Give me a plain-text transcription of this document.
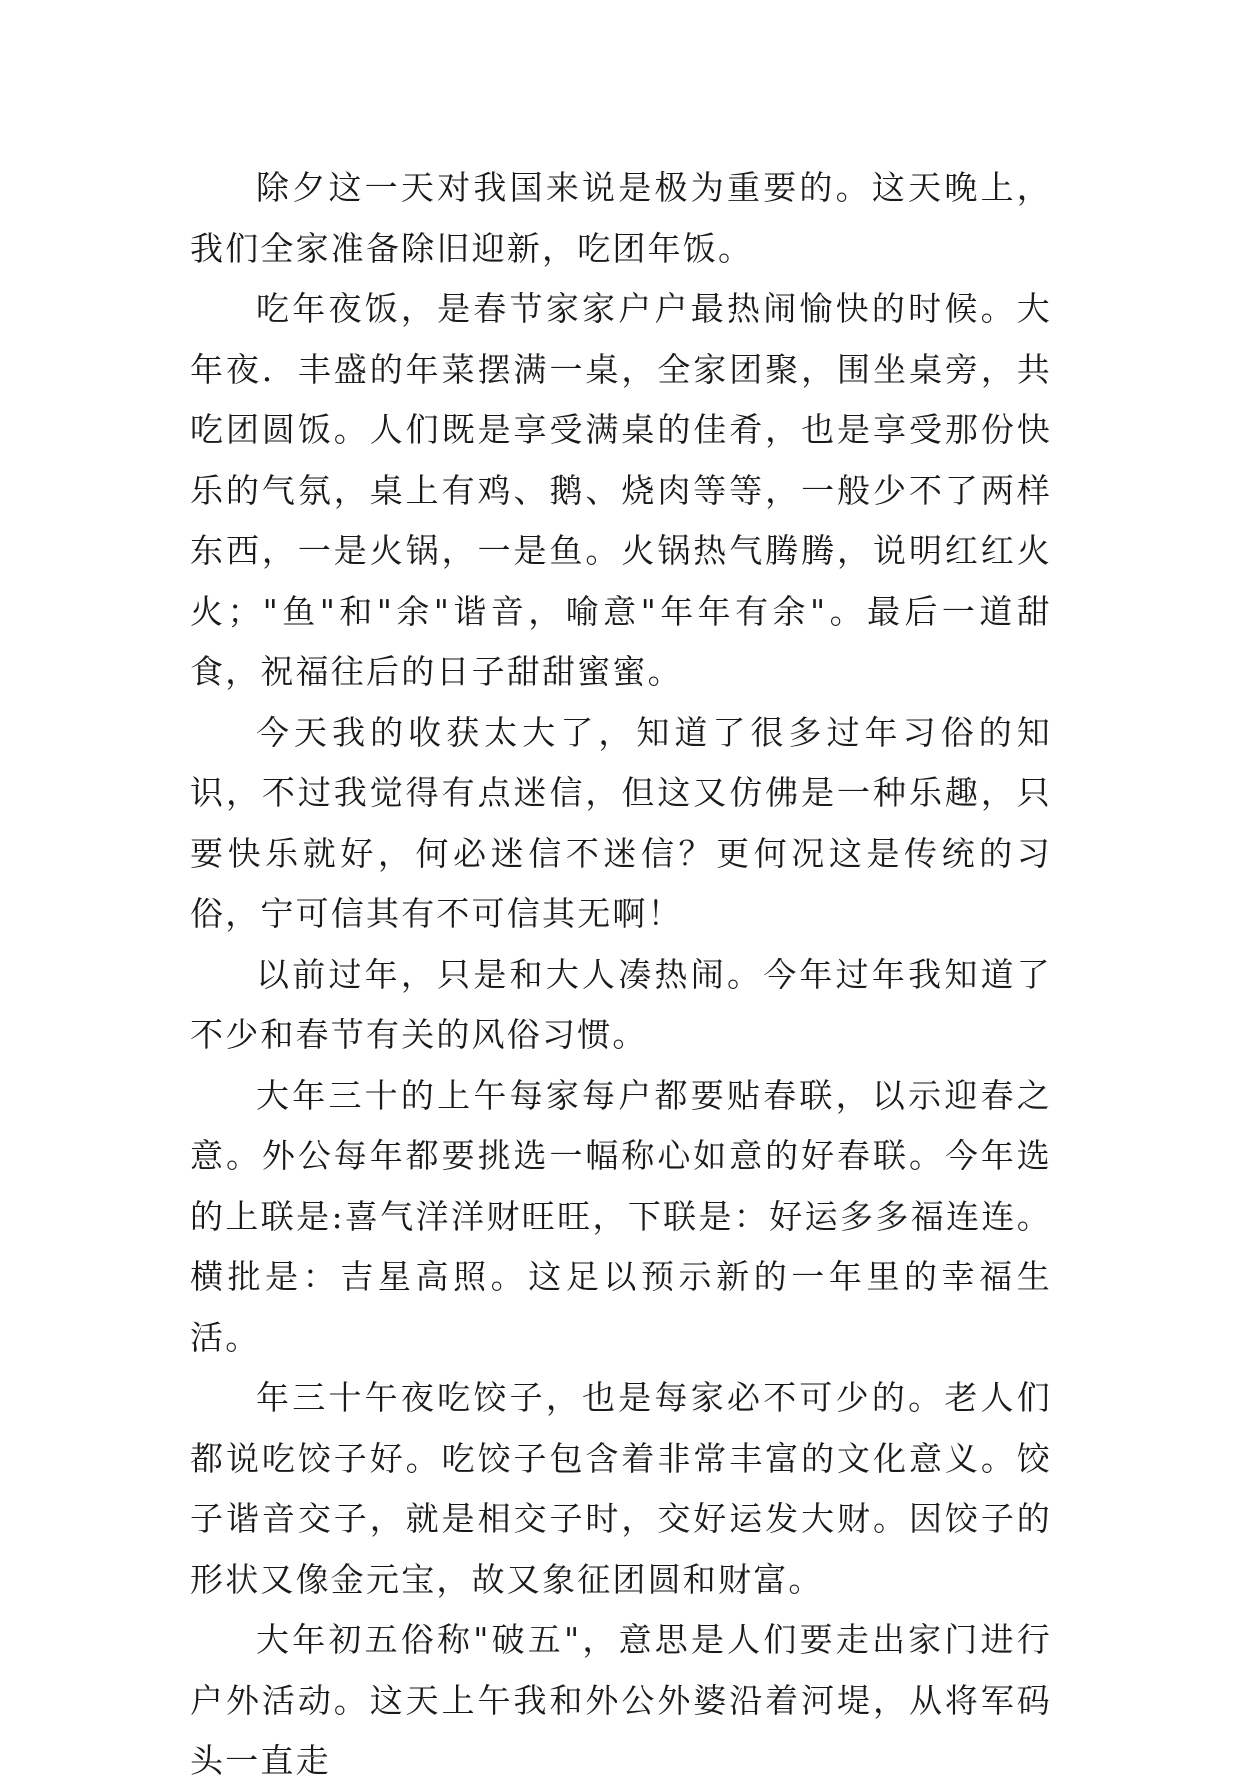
除夕这一天对我国来说是极为重要的。这天晚上，我们全家准备除旧迎新，吃团年饭。

吃年夜饭，是春节家家户户最热闹愉快的时候。大年夜．丰盛的年菜摆满一桌，全家团聚，围坐桌旁，共吃团圆饭。人们既是享受满桌的佳肴，也是享受那份快乐的气氛，桌上有鸡、鹅、烧肉等等，一般少不了两样东西，一是火锅，一是鱼。火锅热气腾腾，说明红红火火；"鱼"和"余"谐音，喻意"年年有余"。最后一道甜食，祝福往后的日子甜甜蜜蜜。

今天我的收获太大了，知道了很多过年习俗的知识，不过我觉得有点迷信，但这又仿佛是一种乐趣，只要快乐就好，何必迷信不迷信？更何况这是传统的习俗，宁可信其有不可信其无啊！

以前过年，只是和大人凑热闹。今年过年我知道了不少和春节有关的风俗习惯。

大年三十的上午每家每户都要贴春联，以示迎春之意。外公每年都要挑选一幅称心如意的好春联。今年选的上联是:喜气洋洋财旺旺，下联是：好运多多福连连。横批是：吉星高照。这足以预示新的一年里的幸福生活。

年三十午夜吃饺子，也是每家必不可少的。老人们都说吃饺子好。吃饺子包含着非常丰富的文化意义。饺子谐音交子，就是相交子时，交好运发大财。因饺子的形状又像金元宝，故又象征团圆和财富。

大年初五俗称"破五"，意思是人们要走出家门进行户外活动。这天上午我和外公外婆沿着河堤，从将军码头一直走
